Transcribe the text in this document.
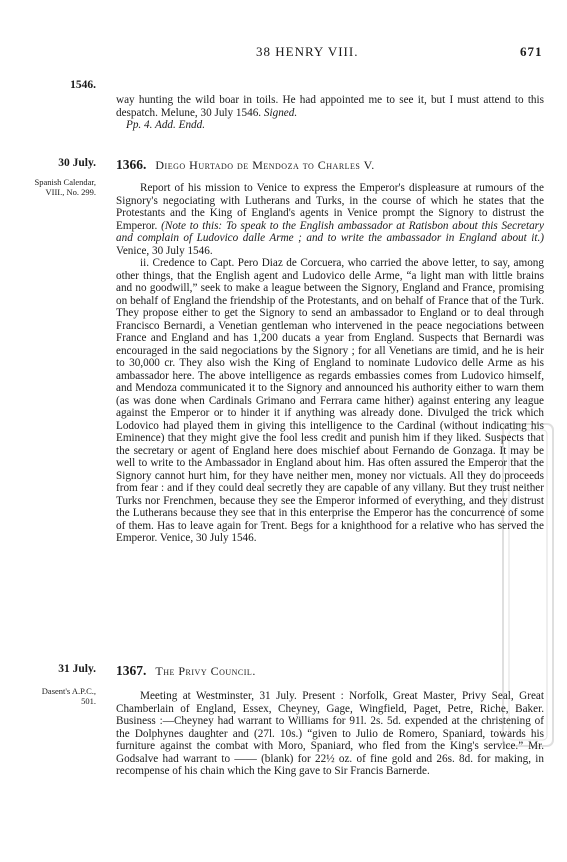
38 HENRY VIII.	671
1546.

way hunting the wild boar in toils. He had appointed me to see it, but I must attend to this despatch. Melune, 30 July 1546. Signed.

Pp. 4. Add. Endd.

30 July.
Spanish Calendar, VIII., No. 299.
1366. Diego Hurtado de Mendoza to Charles V.

Report of his mission to Venice to express the Emperor's displeasure at rumours of the Signory's negociating with Lutherans and Turks, in the course of which he states that the Protestants and the King of England's agents in Venice prompt the Signory to distrust the Emperor. (Note to this: To speak to the English ambassador at Ratisbon about this Secretary and complain of Ludovico dalle Arme ; and to write the ambassador in England about it.) Venice, 30 July 1546.

ii. Credence to Capt. Pero Diaz de Corcuera, who carried the above letter, to say, among other things, that the English agent and Ludovico delle Arme, “a light man with little brains and no goodwill,” seek to make a league between the Signory, England and France, promising on behalf of England the friendship of the Protestants, and on behalf of France that of the Turk. They propose either to get the Signory to send an ambassador to England or to deal through Francisco Bernardi, a Venetian gentleman who intervened in the peace negociations between France and England and has 1,200 ducats a year from England. Suspects that Bernardi was encouraged in the said negociations by the Signory ; for all Venetians are timid, and he is heir to 30,000 cr. They also wish the King of England to nominate Ludovico delle Arme as his ambassador here. The above intelligence as regards embassies comes from Ludovico himself, and Mendoza communicated it to the Signory and announced his authority either to warn them (as was done when Cardinals Grimano and Ferrara came hither) against entering any league against the Emperor or to hinder it if anything was already done. Divulged the trick which Lodovico had played them in giving this intelligence to the Cardinal (without indicating his Eminence) that they might give the fool less credit and punish him if they liked. Suspects that the secretary or agent of England here does mischief about Fernando de Gonzaga. It may be well to write to the Ambassador in England about him. Has often assured the Emperor that the Signory cannot hurt him, for they have neither men, money nor victuals. All they do proceeds from fear : and if they could deal secretly they are capable of any villany. But they trust neither Turks nor Frenchmen, because they see the Emperor informed of everything, and they distrust the Lutherans because they see that in this enterprise the Emperor has the concurrence of some of them. Has to leave again for Trent. Begs for a knighthood for a relative who has served the Emperor. Venice, 30 July 1546.

31 July.
Dasent's A.P.C., 501.
1367. The Privy Council.

Meeting at Westminster, 31 July. Present : Norfolk, Great Master, Privy Seal, Great Chamberlain of England, Essex, Cheyney, Gage, Wingfield, Paget, Petre, Riche, Baker. Business :—Cheyney had warrant to Williams for 91l. 2s. 5d. expended at the christening of the Dolphynes daughter and (27l. 10s.) “given to Julio de Romero, Spaniard, towards his furniture against the combat with Moro, Spaniard, who fled from the King's service.” Mr. Godsalve had warrant to —— (blank) for 22½ oz. of fine gold and 26s. 8d. for making, in recompense of his chain which the King gave to Sir Francis Barnerde.
